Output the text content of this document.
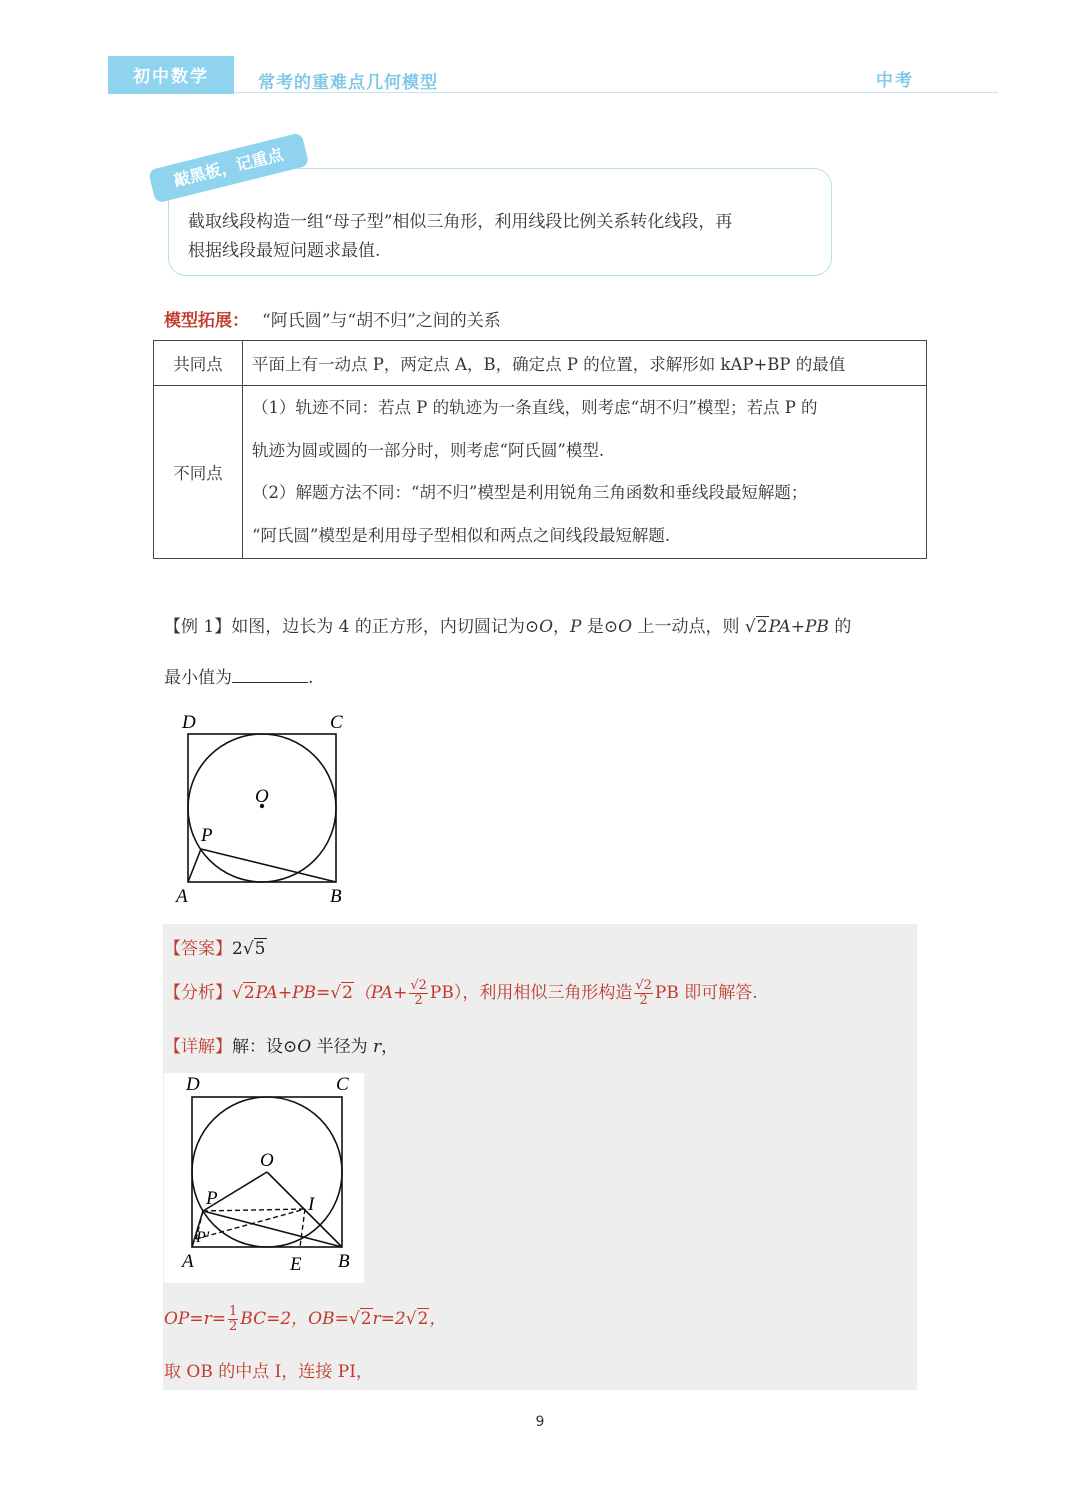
初中数学	常考的重难点几何模型	中考
敲黑板，记重点
截取线段构造一组“母子型”相似三角形，利用线段比例关系转化线段，再
根据线段最短问题求最值.
模型拓展： “阿氏圆”与“胡不归”之间的关系
共同点	平面上有一动点 P，两定点 A，B，确定点 P 的位置，求解形如 kAP+BP 的最值
不同点	（1）轨迹不同：若点 P 的轨迹为一条直线，则考虑“胡不归”模型；若点 P 的
轨迹为圆或圆的一部分时，则考虑“阿氏圆”模型.
（2）解题方法不同：“胡不归”模型是利用锐角三角函数和垂线段最短解题；
“阿氏圆”模型是利用母子型相似和两点之间线段最短解题.
【例 1】如图，边长为 4 的正方形，内切圆记为⊙O，P 是⊙O 上一动点，则 √2PA+PB 的
最小值为	.
D	C
O
P
A	B
【答案】2√5
【分析】$√2PA+PB=√2(PA+ \frac{√2}{2} PB)$，利用相似三角形构造 $\frac{√2}{2}$ PB 即可解答.
【详解】解：设⊙O 半径为 r，
D	C
O
P	I
P'
A	E B
$OP=r= \frac{1}{2} BC=2$，OB=√2r=2√2，
取 OB 的中点 I，连接 PI，
9
